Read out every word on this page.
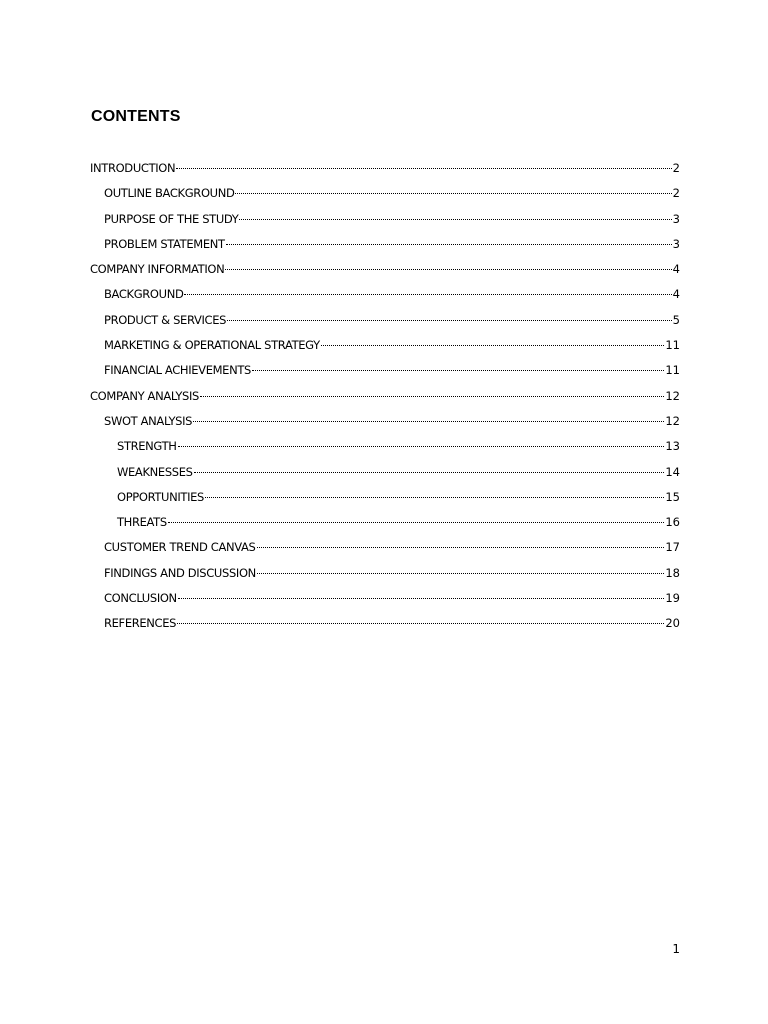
CONTENTS
INTRODUCTION	2
OUTLINE BACKGROUND	2
PURPOSE OF THE STUDY	3
PROBLEM STATEMENT	3
COMPANY INFORMATION	4
BACKGROUND	4
PRODUCT & SERVICES	5
MARKETING & OPERATIONAL STRATEGY	11
FINANCIAL ACHIEVEMENTS	11
COMPANY ANALYSIS	12
SWOT ANALYSIS	12
STRENGTH	13
WEAKNESSES	14
OPPORTUNITIES	15
THREATS	16
CUSTOMER TREND CANVAS	17
FINDINGS AND DISCUSSION	18
CONCLUSION	19
REFERENCES	20

1
